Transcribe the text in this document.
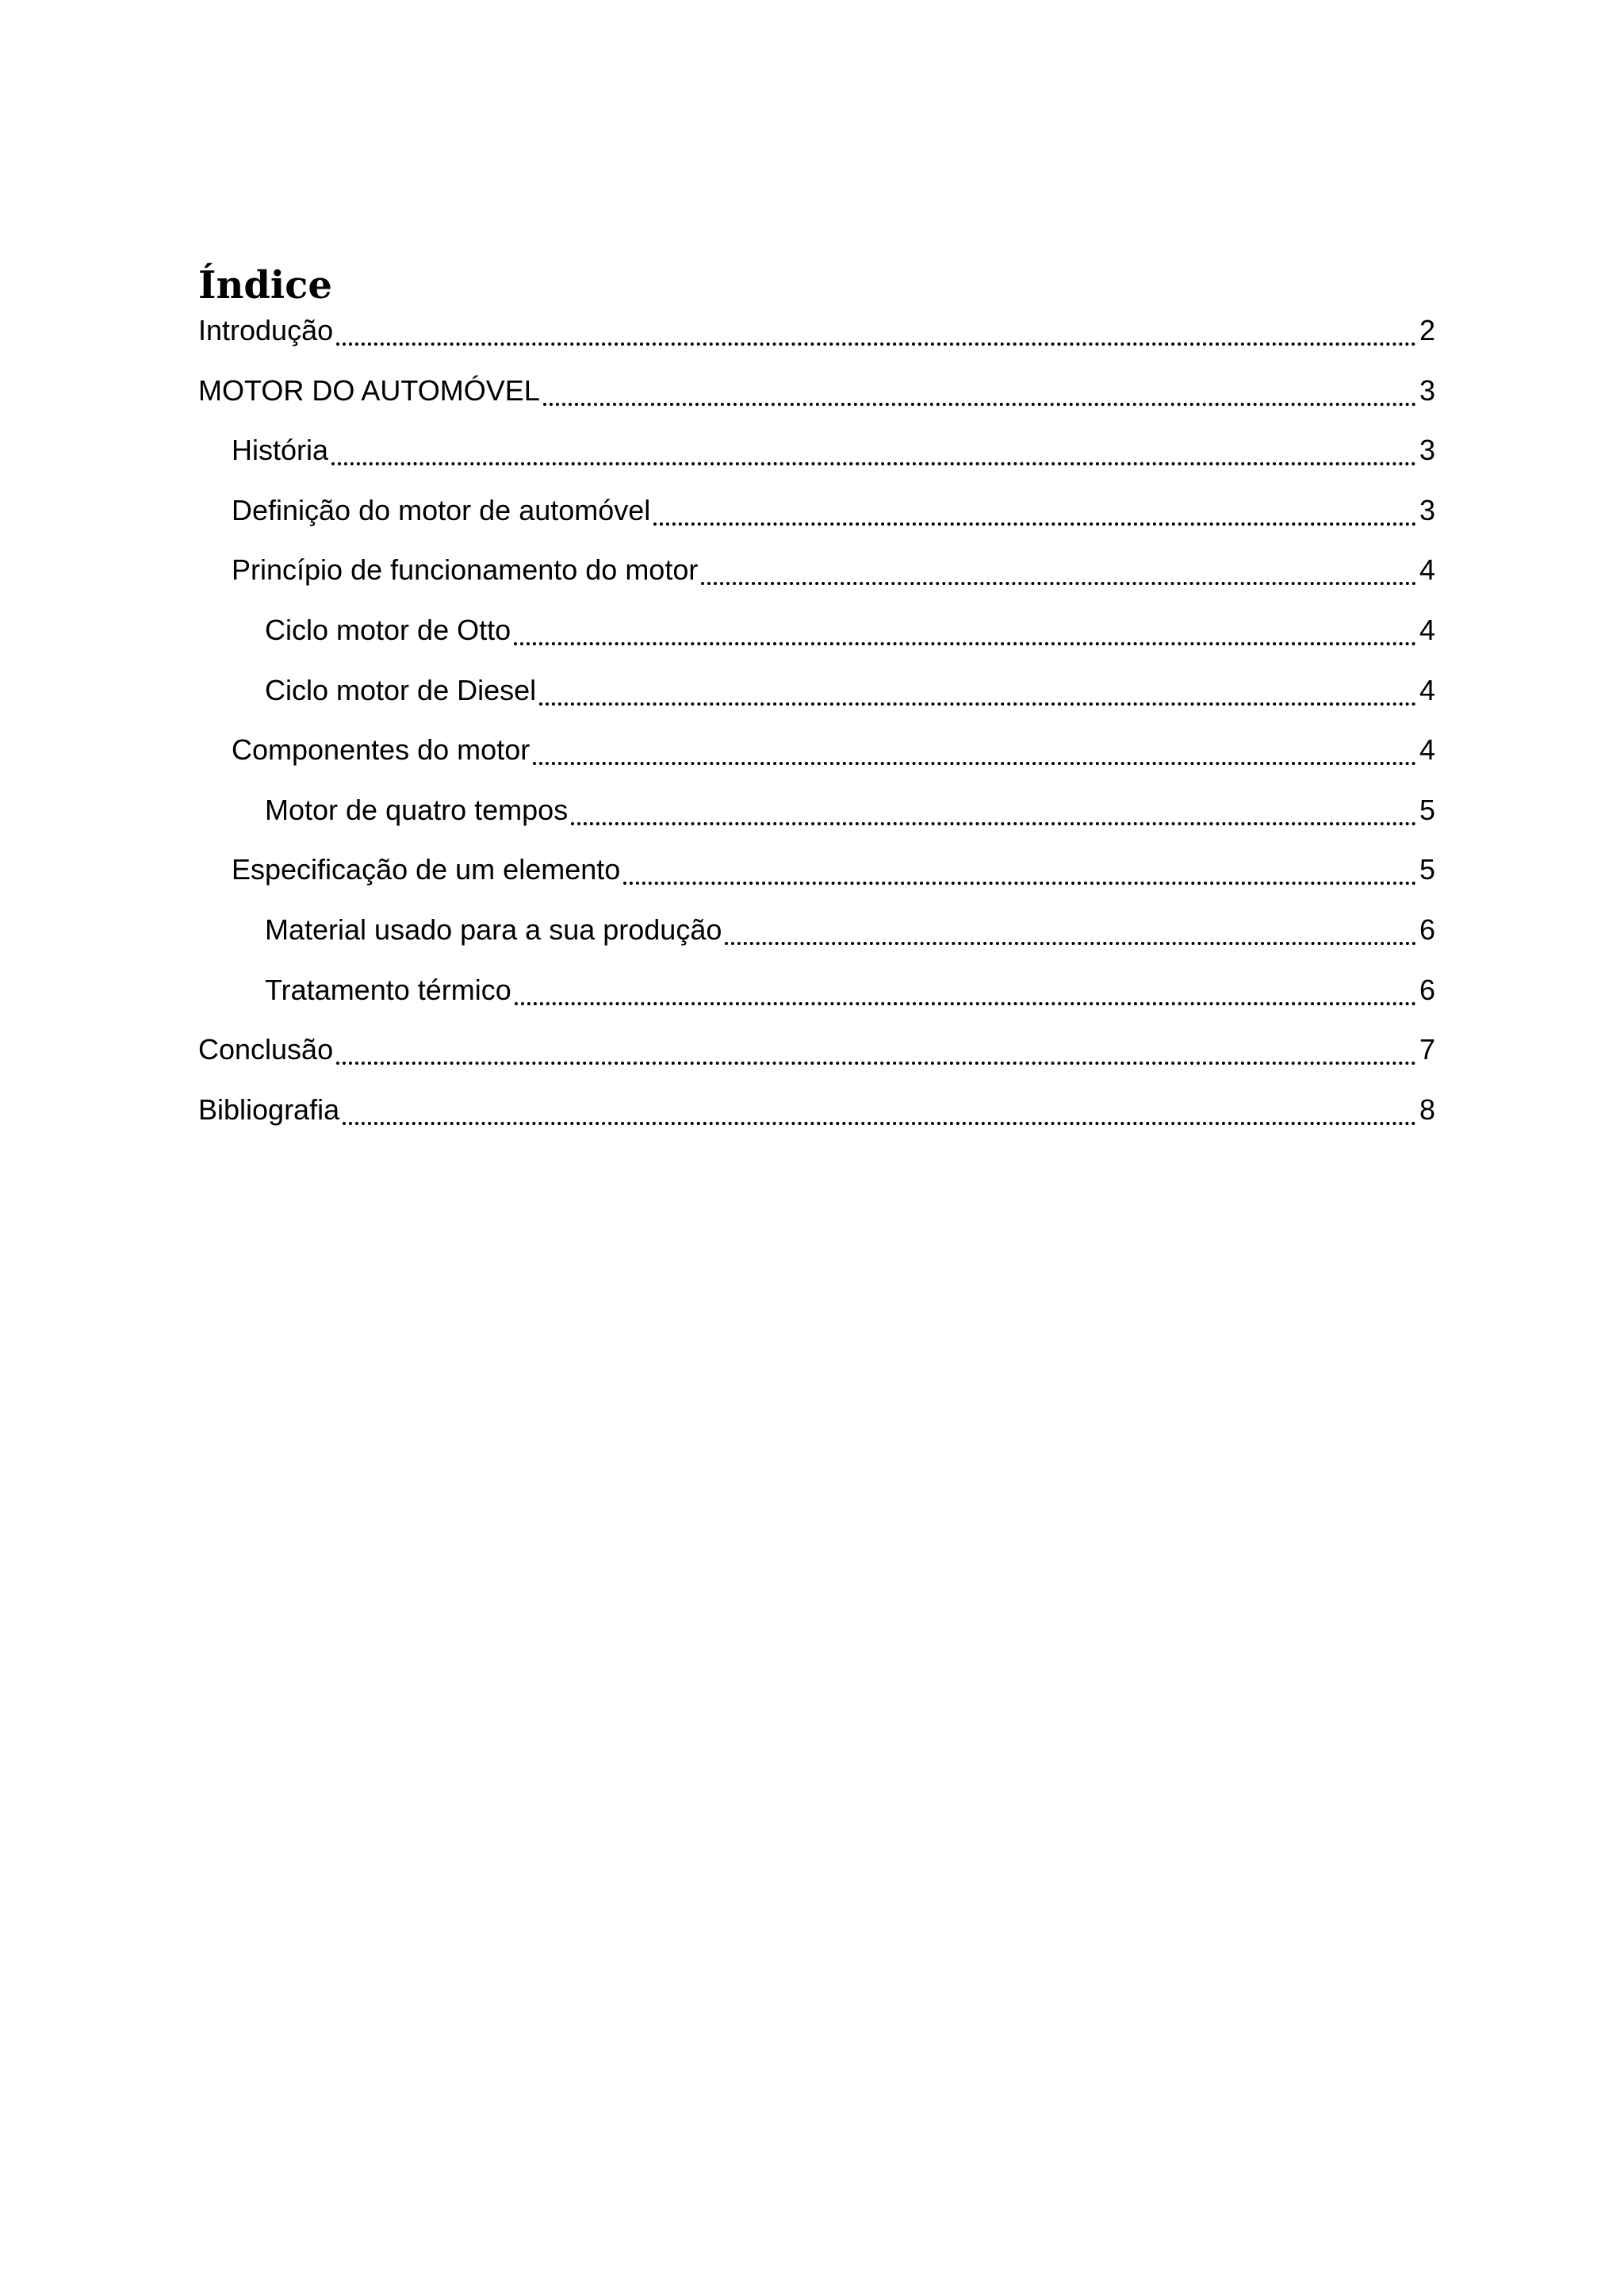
Índice
Introdução	2
MOTOR DO AUTOMÓVEL	3
História	3
Definição do motor de automóvel	3
Princípio de funcionamento do motor	4
Ciclo motor de Otto	4
Ciclo motor de Diesel	4
Componentes do motor	4
Motor de quatro tempos	5
Especificação de um elemento	5
Material usado para a sua produção	6
Tratamento térmico	6
Conclusão	7
Bibliografia	8
